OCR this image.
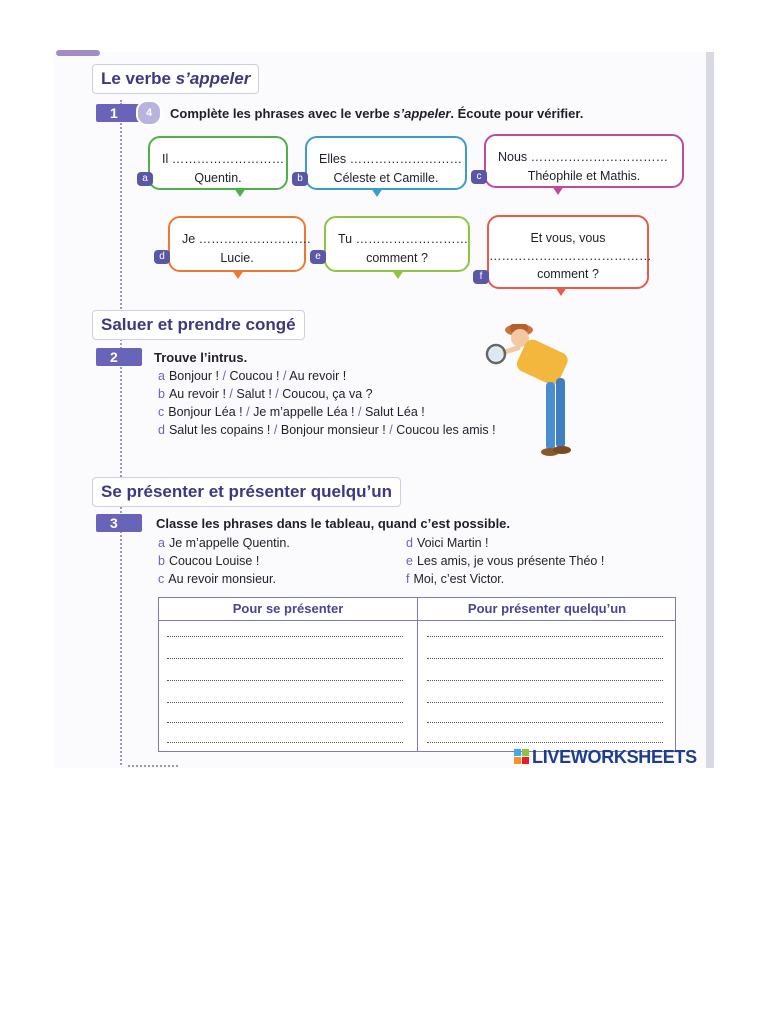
Le verbe s’appeler
1	4	Complète les phrases avec le verbe s’appeler. Écoute pour vérifier.
Il ………………………
Quentin.
a
Elles ………………………
Céleste et Camille.
b
Nous ……………………………
Théophile et Mathis.
c
Je ………………………
Lucie.
d
Tu ………………………
comment ?
e
Et vous, vous
…………………………………
comment ?
f
Saluer et prendre congé
2	Trouve l’intrus.
a Bonjour ! / Coucou ! / Au revoir !
b Au revoir ! / Salut ! / Coucou, ça va ?
c Bonjour Léa ! / Je m’appelle Léa ! / Salut Léa !
d Salut les copains ! / Bonjour monsieur ! / Coucou les amis !
Se présenter et présenter quelqu’un
3	Classe les phrases dans le tableau, quand c’est possible.
a Je m’appelle Quentin.
b Coucou Louise !
c Au revoir monsieur.
d Voici Martin !
e Les amis, je vous présente Théo !
f Moi, c’est Victor.
Pour se présenter	Pour présenter quelqu’un
LIVEWORKSHEETS
